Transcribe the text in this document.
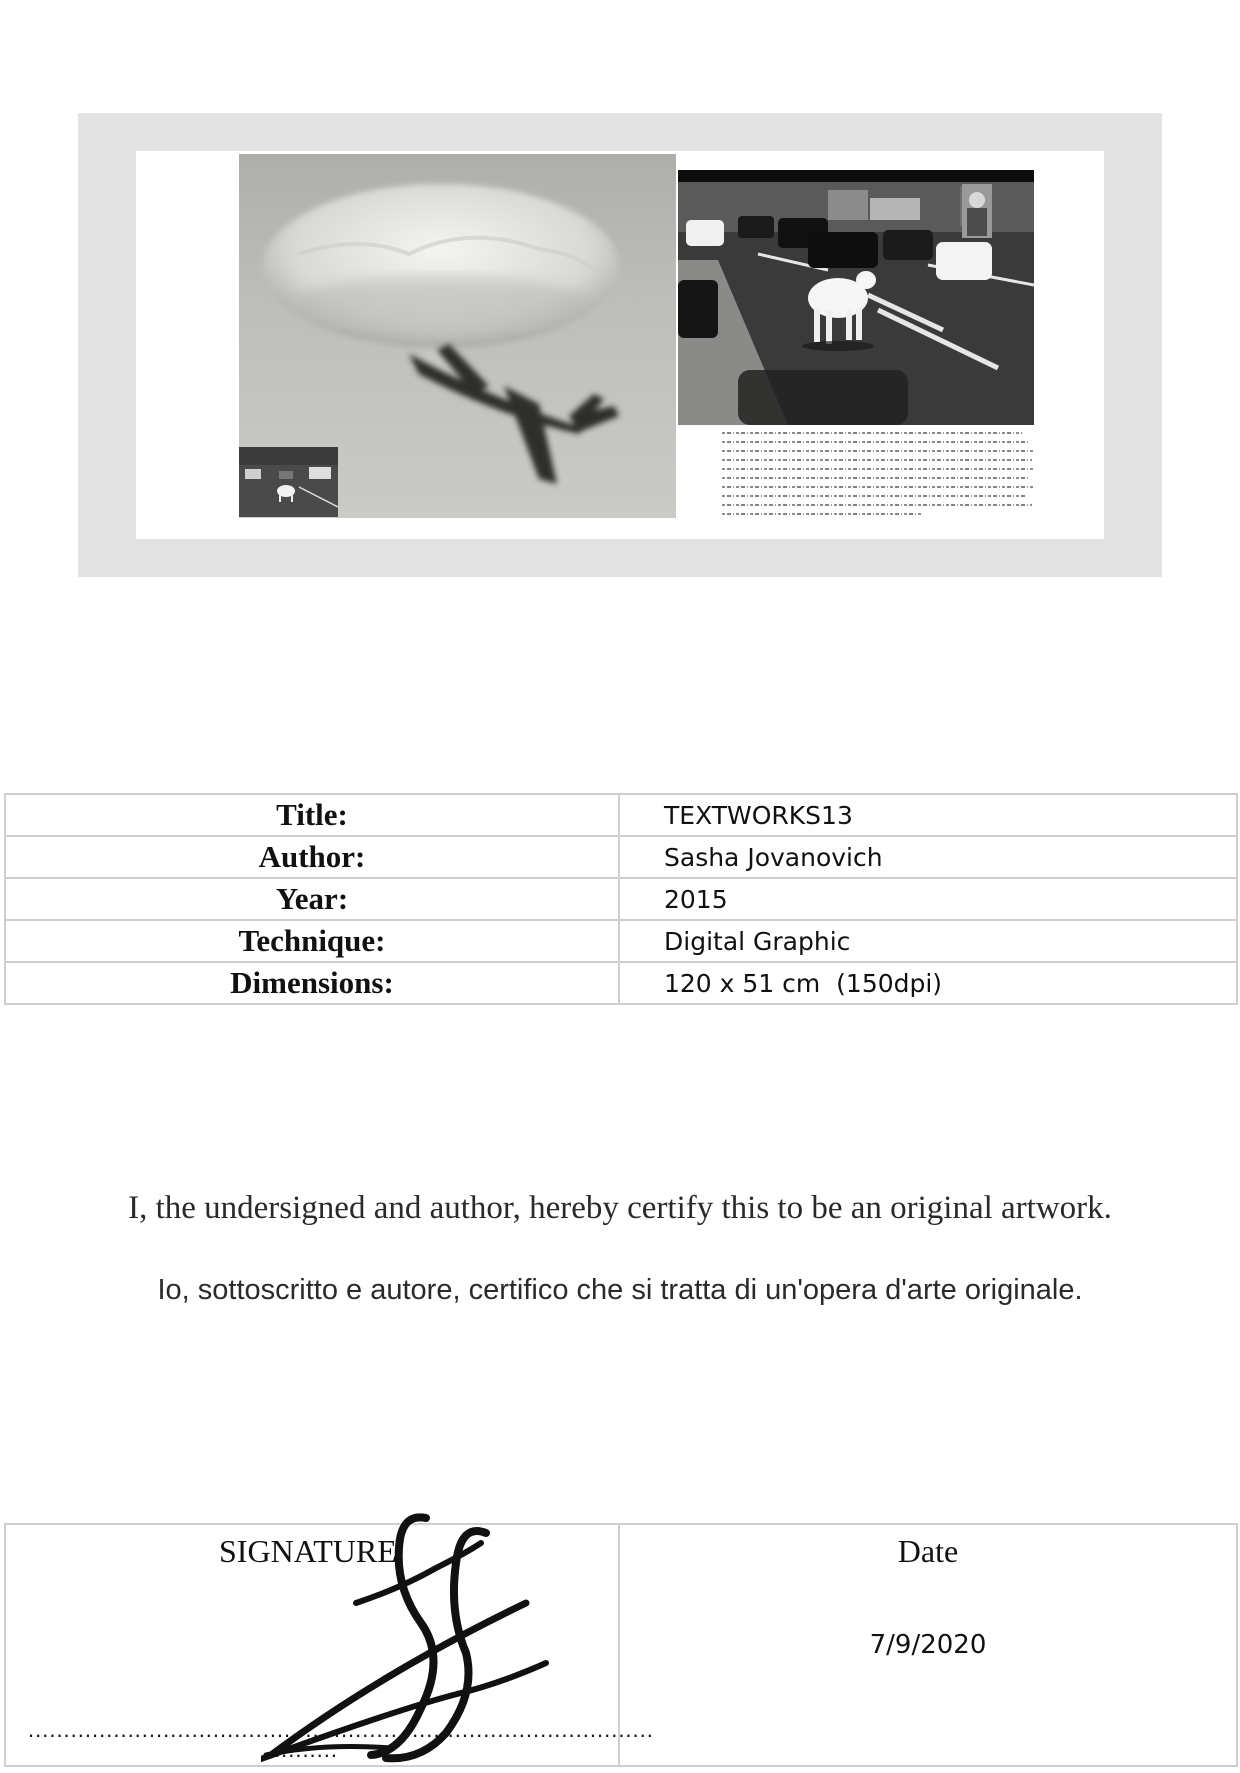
Title:	TEXTWORKS13
Author:	Sasha Jovanovich
Year:	2015
Technique:	Digital Graphic
Dimensions:	120 x 51 cm  (150dpi)
I, the undersigned and author, hereby certify this to be an original artwork.
Io, sottoscritto e autore, certifico che si tratta di un'opera d'arte originale.
SIGNATURE
........................................................................................
.........

Date
7/9/2020
